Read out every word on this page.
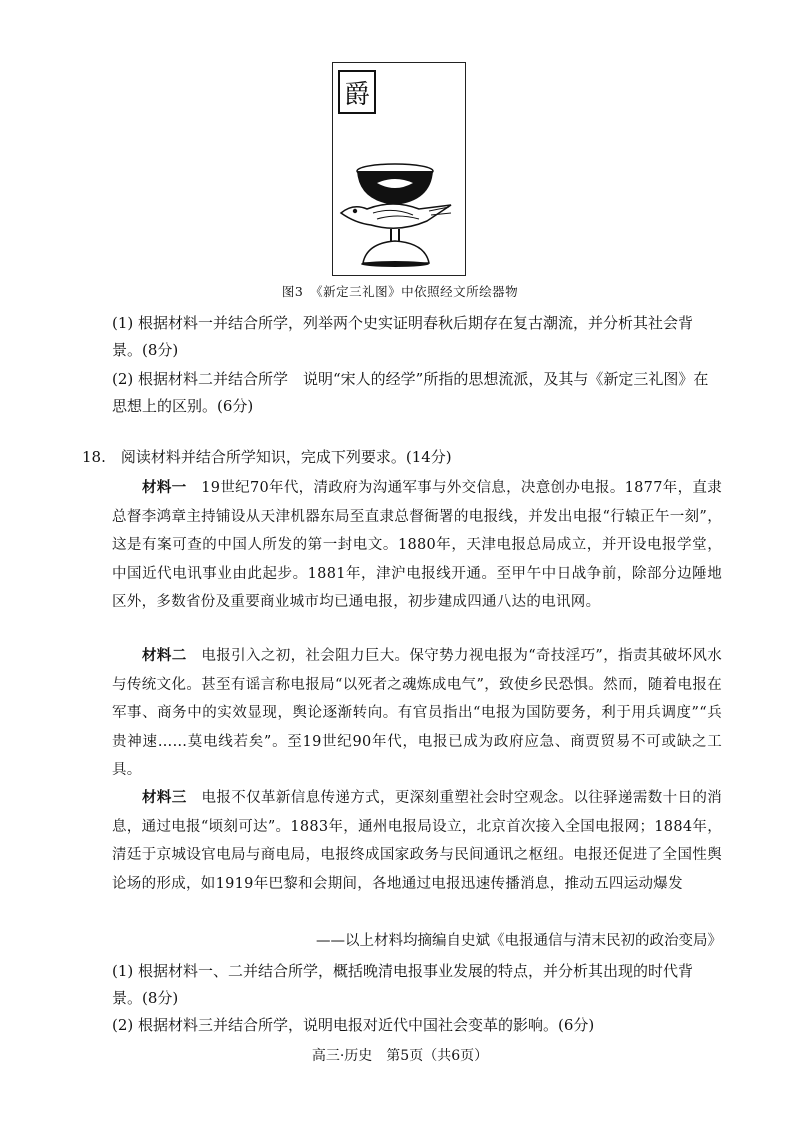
爵
图3　《新定三礼图》中依照经文所绘器物
(1) 根据材料一并结合所学，列举两个史实证明春秋后期存在复古潮流，并分析其社会背景。(8分)
(2) 根据材料二并结合所学　说明“宋人的经学”所指的思想流派，及其与《新定三礼图》在思想上的区别。(6分)
18.　阅读材料并结合所学知识，完成下列要求。(14分)

材料一　19世纪70年代，清政府为沟通军事与外交信息，决意创办电报。1877年，直隶总督李鸿章主持铺设从天津机器东局至直隶总督衙署的电报线，并发出电报“行辕正午一刻”，这是有案可查的中国人所发的第一封电文。1880年，天津电报总局成立，并开设电报学堂，中国近代电讯事业由此起步。1881年，津沪电报线开通。至甲午中日战争前，除部分边陲地区外，多数省份及重要商业城市均已通电报，初步建成四通八达的电讯网。

材料二　电报引入之初，社会阻力巨大。保守势力视电报为“奇技淫巧”，指责其破坏风水与传统文化。甚至有谣言称电报局“以死者之魂炼成电气”，致使乡民恐惧。然而，随着电报在军事、商务中的实效显现，舆论逐渐转向。有官员指出“电报为国防要务，利于用兵调度”“兵贵神速……莫电线若矣”。至19世纪90年代，电报已成为政府应急、商贾贸易不可或缺之工具。

材料三　电报不仅革新信息传递方式，更深刻重塑社会时空观念。以往驿递需数十日的消息，通过电报“顷刻可达”。1883年，通州电报局设立，北京首次接入全国电报网；1884年，清廷于京城设官电局与商电局，电报终成国家政务与民间通讯之枢纽。电报还促进了全国性舆论场的形成，如1919年巴黎和会期间，各地通过电报迅速传播消息，推动五四运动爆发

——以上材料均摘编自史斌《电报通信与清末民初的政治变局》
(1) 根据材料一、二并结合所学，概括晚清电报事业发展的特点，并分析其出现的时代背景。(8分)
(2) 根据材料三并结合所学，说明电报对近代中国社会变革的影响。(6分)
高三·历史　第5页（共6页）
